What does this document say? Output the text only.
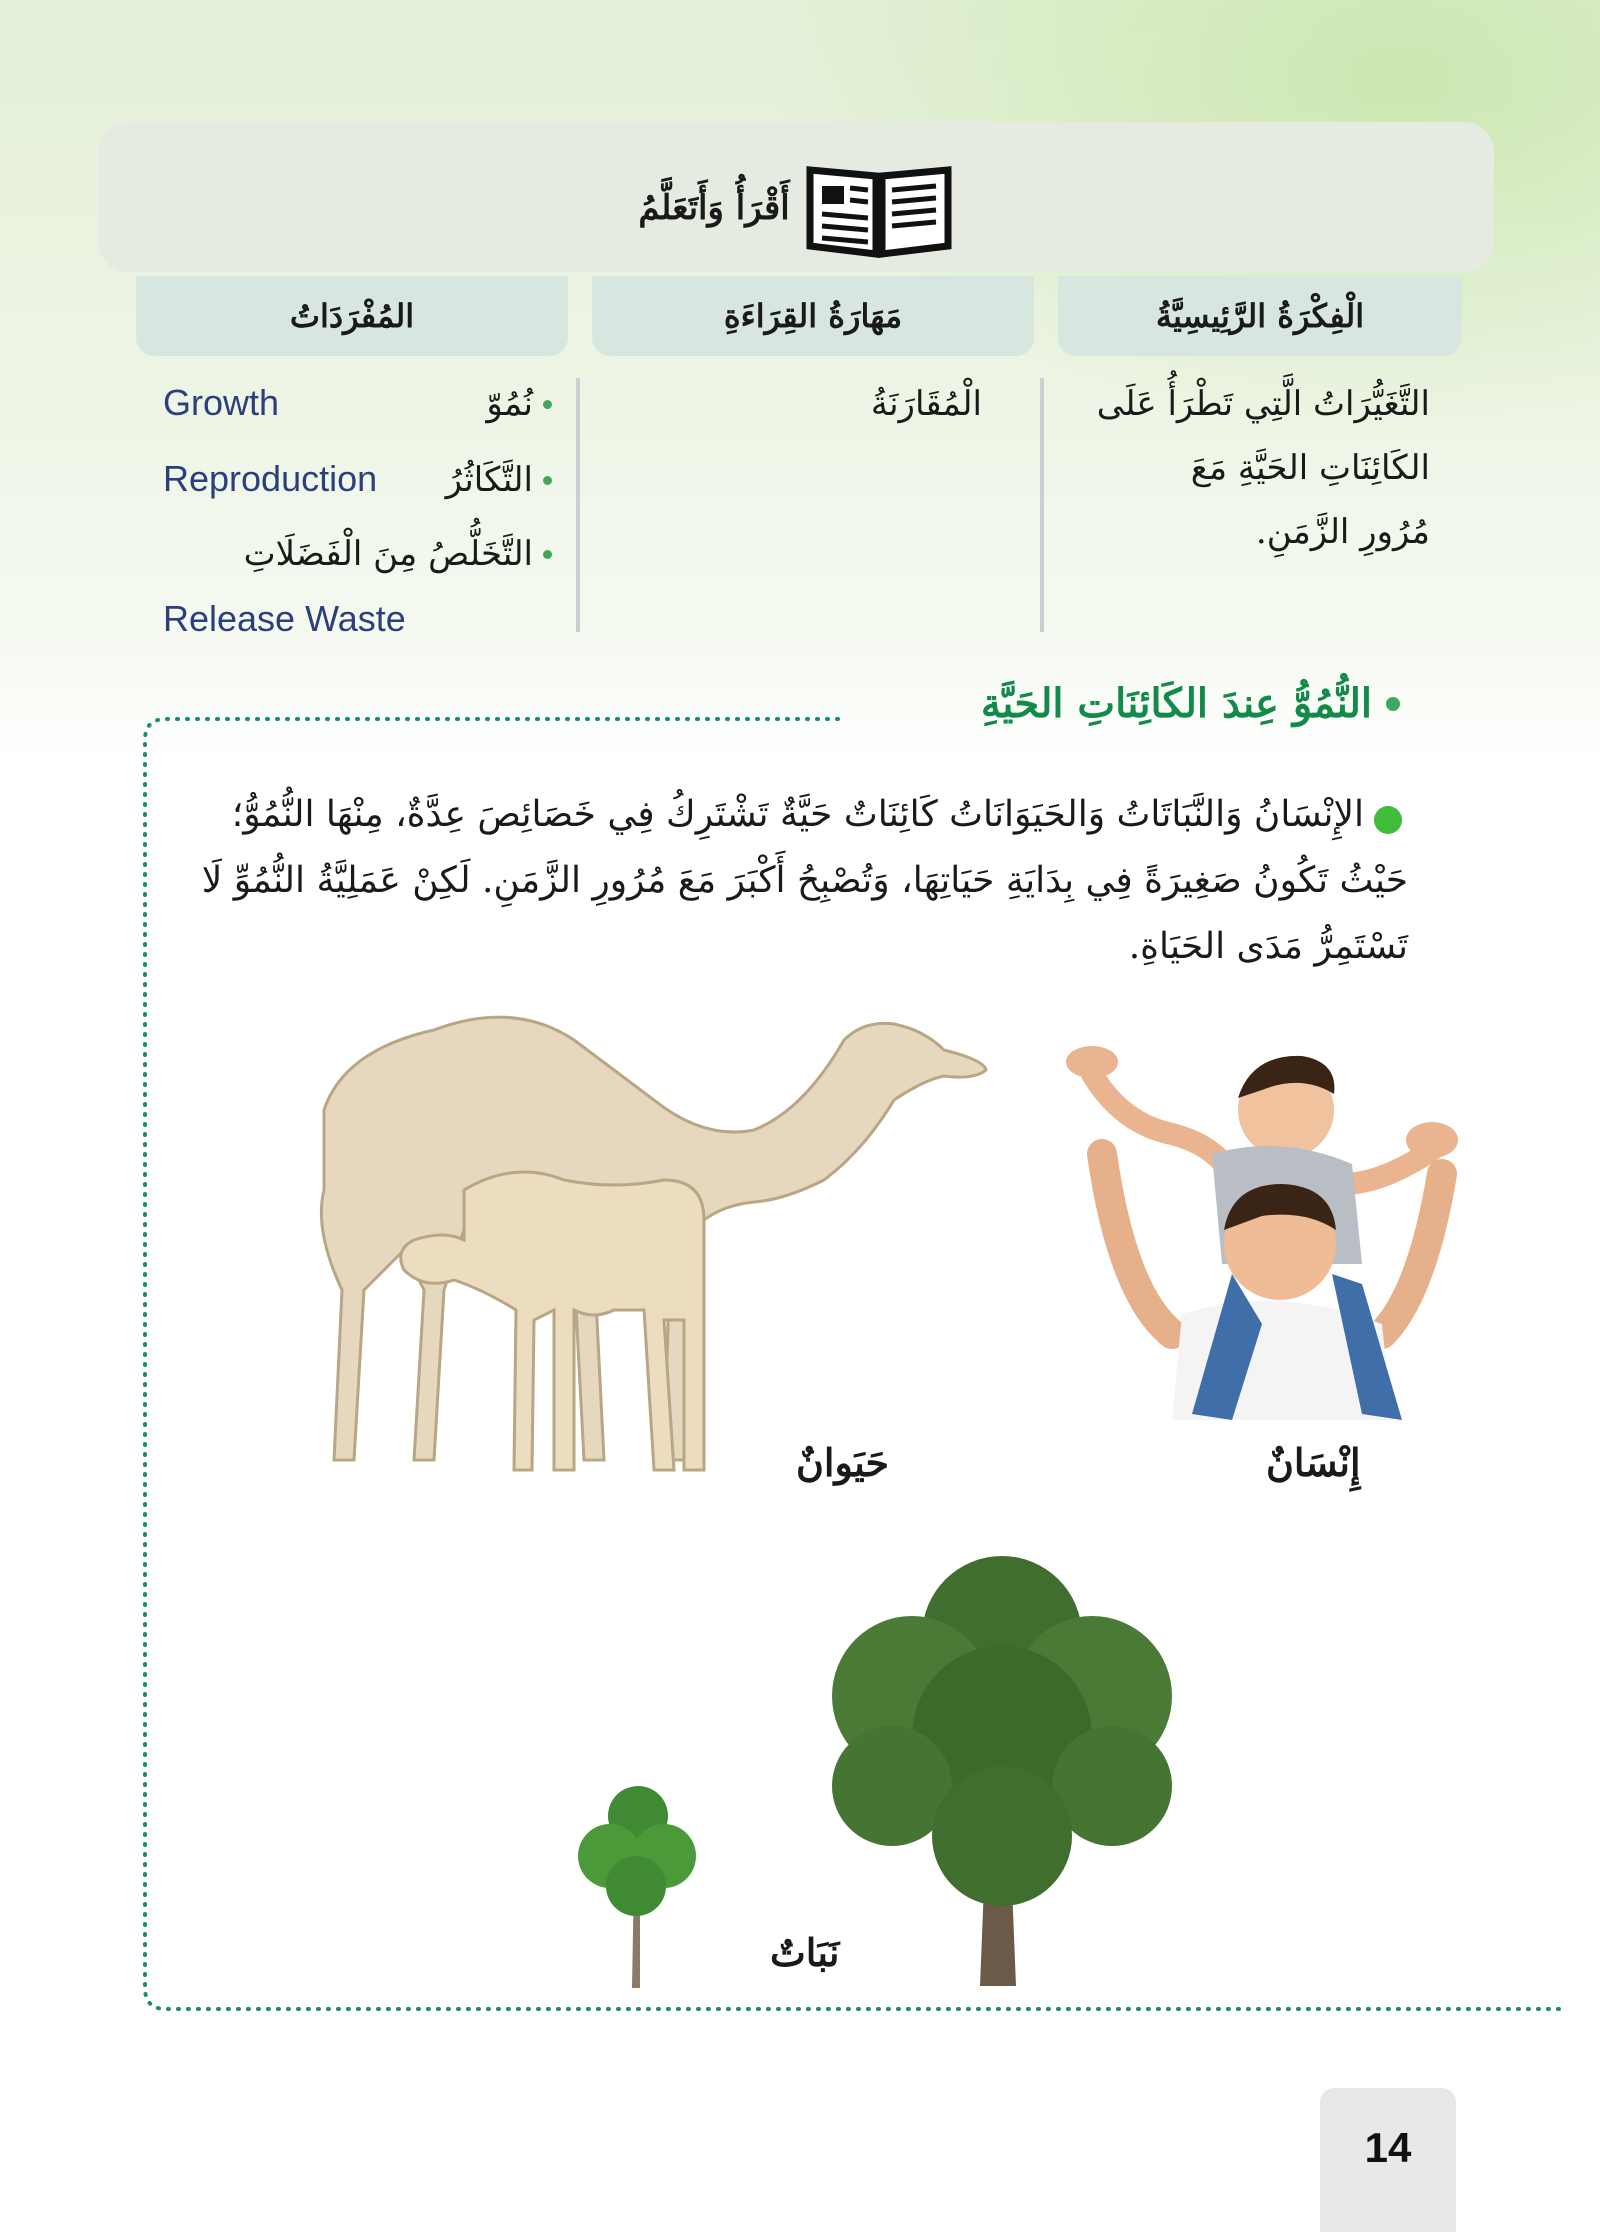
أَقْرَأُ وَأَتَعَلَّمُ
الْفِكْرَةُ الرَّئِيسِيَّةُ
مَهَارَةُ القِرَاءَةِ
المُفْرَدَاتُ
التَّغَيُّرَاتُ الَّتِي تَطْرَأُ عَلَى
الكَائِنَاتِ الحَيَّةِ مَعَ
مُرُورِ الزَّمَنِ.
الْمُقَارَنَةُ
نُمُوّ
Growth
التَّكَاثُرُ
Reproduction
التَّخَلُّصُ مِنَ الْفَضَلَاتِ
Release Waste
النُّمُوُّ عِندَ الكَائِنَاتِ الحَيَّةِ
الإِنْسَانُ وَالنَّبَاتَاتُ وَالحَيَوَانَاتُ كَائِنَاتٌ حَيَّةٌ تَشْتَرِكُ فِي خَصَائِصَ عِدَّةٌ، مِنْهَا النُّمُوُّ؛ حَيْثُ تَكُونُ صَغِيرَةً فِي بِدَايَةِ حَيَاتِهَا، وَتُصْبِحُ أَكْبَرَ مَعَ مُرُورِ الزَّمَنِ. لَكِنْ عَمَلِيَّةُ النُّمُوِّ لَا تَسْتَمِرُّ مَدَى الحَيَاةِ.
إِنْسَانٌ
حَيَوانٌ
نَبَاتٌ
14
